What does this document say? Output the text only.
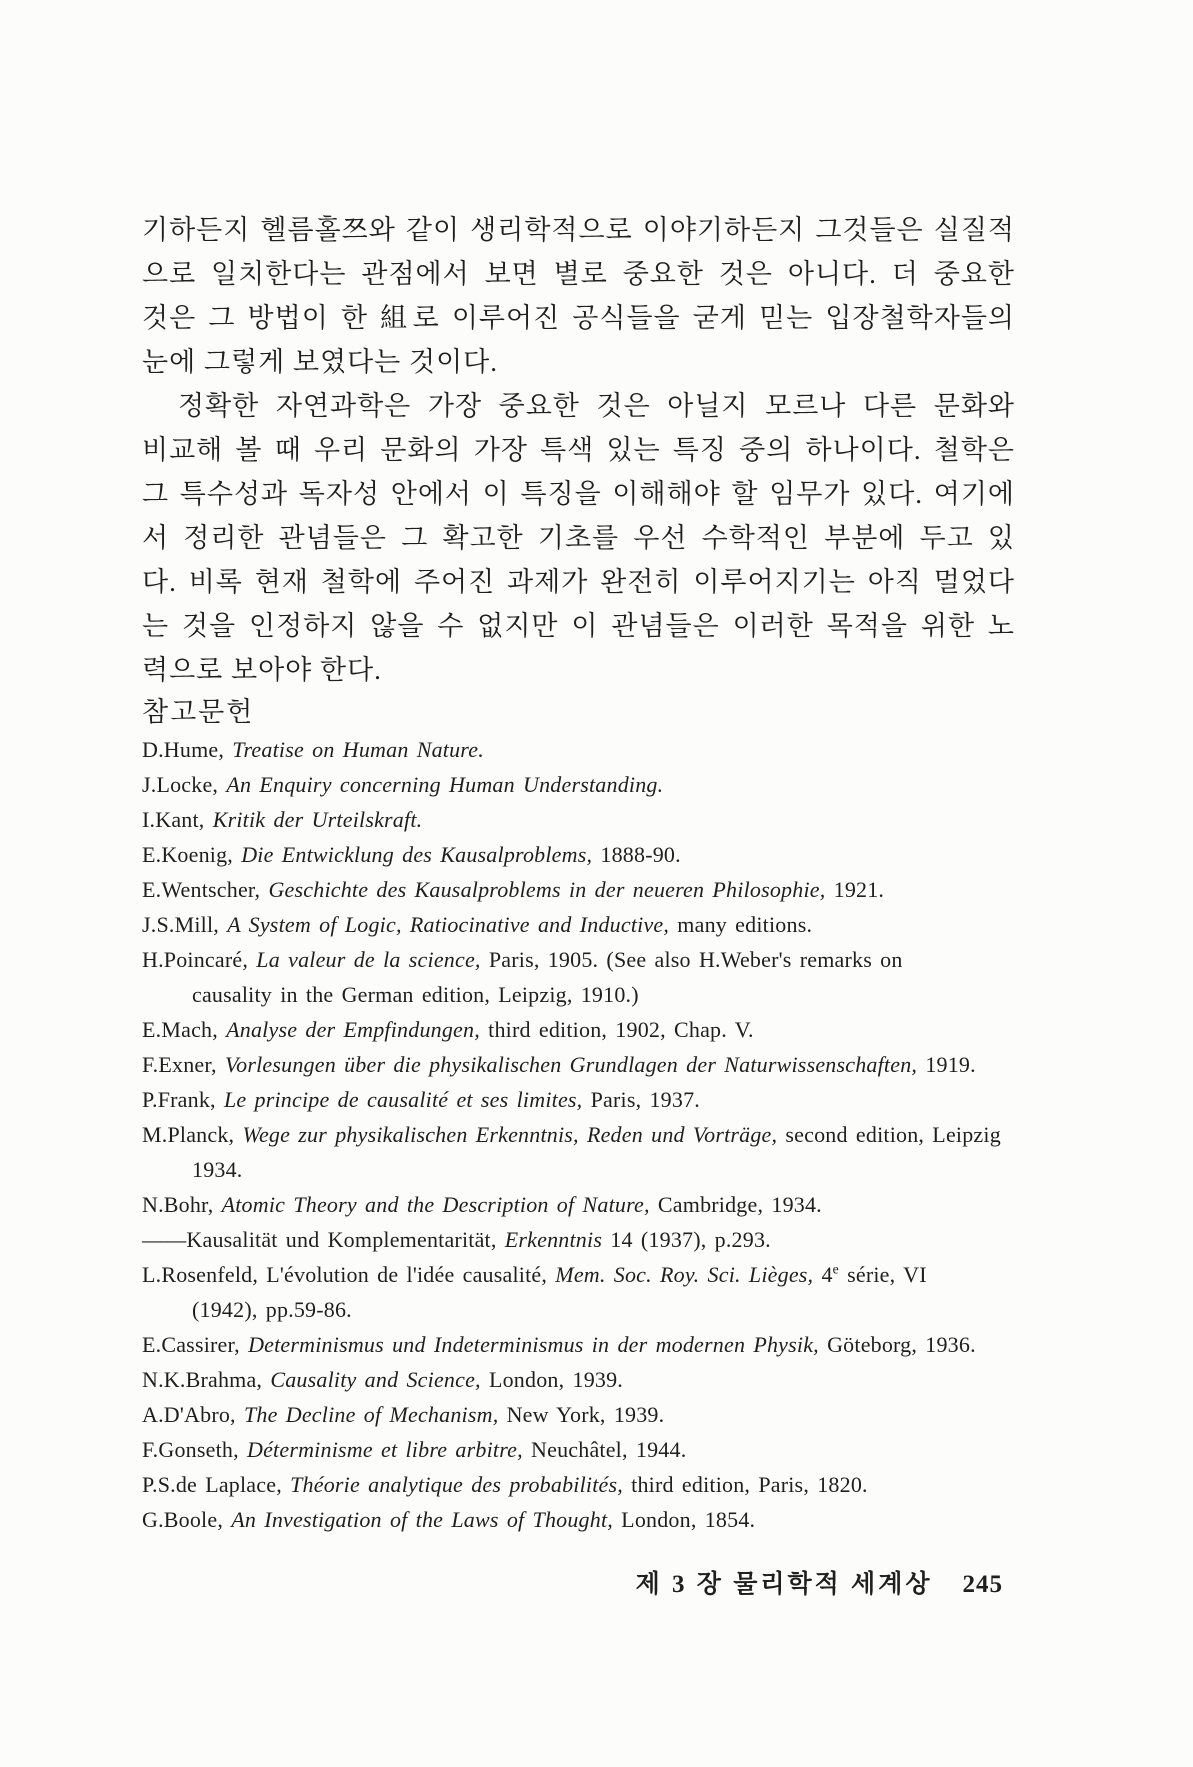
기하든지 헬름홀쯔와 같이 생리학적으로 이야기하든지 그것들은 실질적
으로 일치한다는 관점에서 보면 별로 중요한 것은 아니다. 더 중요한
것은 그 방법이 한 組로 이루어진 공식들을 굳게 믿는 입장철학자들의
눈에 그렇게 보였다는 것이다.
정확한 자연과학은 가장 중요한 것은 아닐지 모르나 다른 문화와
비교해 볼 때 우리 문화의 가장 특색 있는 특징 중의 하나이다. 철학은
그 특수성과 독자성 안에서 이 특징을 이해해야 할 임무가 있다. 여기에
서 정리한 관념들은 그 확고한 기초를 우선 수학적인 부분에 두고 있
다. 비록 현재 철학에 주어진 과제가 완전히 이루어지기는 아직 멀었다
는 것을 인정하지 않을 수 없지만 이 관념들은 이러한 목적을 위한 노
력으로 보아야 한다.
참고문헌
D.Hume, Treatise on Human Nature.
J.Locke, An Enquiry concerning Human Understanding.
I.Kant, Kritik der Urteilskraft.
E.Koenig, Die Entwicklung des Kausalproblems, 1888-90.
E.Wentscher, Geschichte des Kausalproblems in der neueren Philosophie, 1921.
J.S.Mill, A System of Logic, Ratiocinative and Inductive, many editions.
H.Poincaré, La valeur de la science, Paris, 1905. (See also H.Weber's remarks on
causality in the German edition, Leipzig, 1910.)
E.Mach, Analyse der Empfindungen, third edition, 1902, Chap. V.
F.Exner, Vorlesungen über die physikalischen Grundlagen der Naturwissenschaften, 1919.
P.Frank, Le principe de causalité et ses limites, Paris, 1937.
M.Planck, Wege zur physikalischen Erkenntnis, Reden und Vorträge, second edition, Leipzig
1934.
N.Bohr, Atomic Theory and the Description of Nature, Cambridge, 1934.
——Kausalität und Komplementarität, Erkenntnis 14 (1937), p.293.
L.Rosenfeld, L'évolution de l'idée causalité, Mem. Soc. Roy. Sci. Lièges, 4e série, VI
(1942), pp.59-86.
E.Cassirer, Determinismus und Indeterminismus in der modernen Physik, Göteborg, 1936.
N.K.Brahma, Causality and Science, London, 1939.
A.D'Abro, The Decline of Mechanism, New York, 1939.
F.Gonseth, Déterminisme et libre arbitre, Neuchâtel, 1944.
P.S.de Laplace, Théorie analytique des probabilités, third edition, Paris, 1820.
G.Boole, An Investigation of the Laws of Thought, London, 1854.
제 3 장 물리학적 세계상 245
